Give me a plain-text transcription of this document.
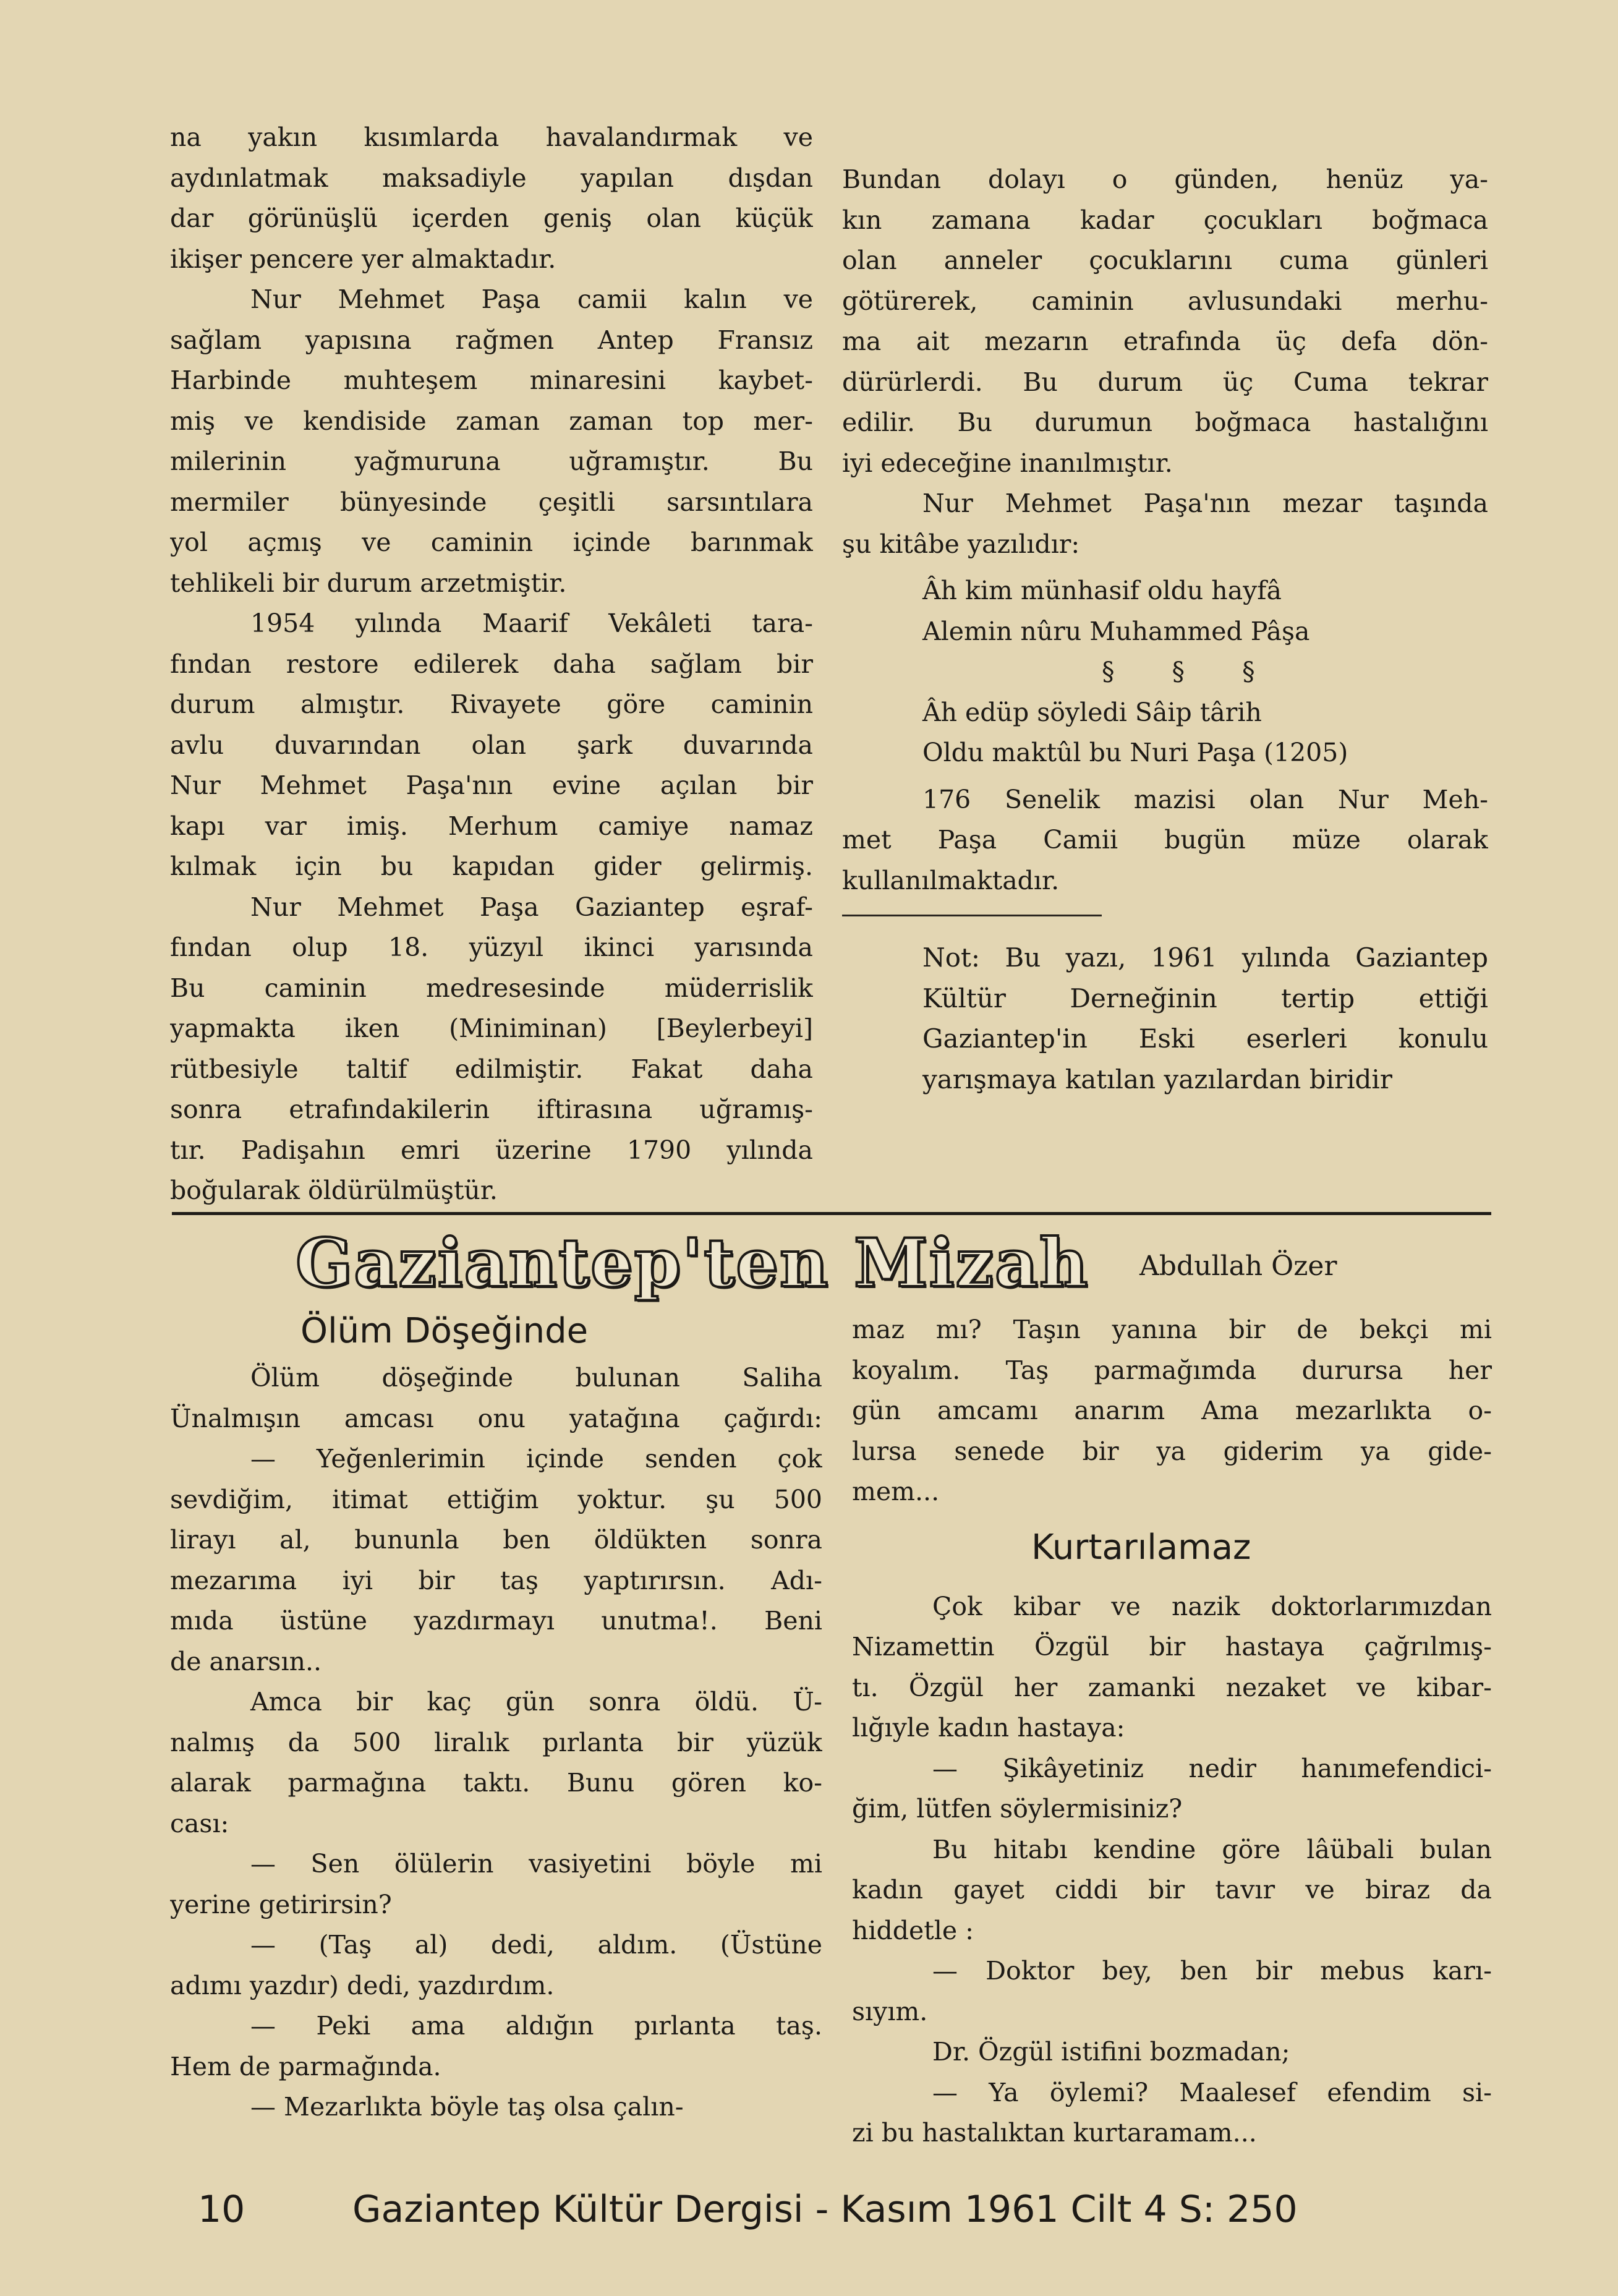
na yakın kısımlarda havalandırmak ve

aydınlatmak maksadiyle yapılan dışdan

dar görünüşlü içerden geniş olan küçük

ikişer pencere yer almaktadır.

Nur Mehmet Paşa camii kalın ve

sağlam yapısına rağmen Antep Fransız

Harbinde muhteşem minaresini kaybet-

miş ve kendiside zaman zaman top mer-

milerinin yağmuruna uğramıştır. Bu

mermiler bünyesinde çeşitli sarsıntılara

yol açmış ve caminin içinde barınmak

tehlikeli bir durum arzetmiştir.

1954 yılında Maarif Vekâleti tara-

fından restore edilerek daha sağlam bir

durum almıştır. Rivayete göre caminin

avlu duvarından olan şark duvarında

Nur Mehmet Paşa'nın evine açılan bir

kapı var imiş. Merhum camiye namaz

kılmak için bu kapıdan gider gelirmiş.

Nur Mehmet Paşa Gaziantep eşraf-

fından olup 18. yüzyıl ikinci yarısında

Bu caminin medresesinde müderrislik

yapmakta iken (Miniminan) [Beylerbeyi]

rütbesiyle taltif edilmiştir. Fakat daha

sonra etrafındakilerin iftirasına uğramış-

tır. Padişahın emri üzerine 1790 yılında

boğularak öldürülmüştür.

Bundan dolayı o günden, henüz ya-

kın zamana kadar çocukları boğmaca

olan anneler çocuklarını cuma günleri

götürerek, caminin avlusundaki merhu-

ma ait mezarın etrafında üç defa dön-

dürürlerdi. Bu durum üç Cuma tekrar

edilir. Bu durumun boğmaca hastalığını

iyi edeceğine inanılmıştır.

Nur Mehmet Paşa'nın mezar taşında

şu kitâbe yazılıdır:

Âh kim münhasif oldu hayfâ

Alemin nûru Muhammed Pâşa

§ § §

Âh edüp söyledi Sâip târih

Oldu maktûl bu Nuri Paşa (1205)

176 Senelik mazisi olan Nur Meh-

met Paşa Camii bugün müze olarak

kullanılmaktadır.

Not: Bu yazı, 1961 yılında Gaziantep

Kültür Derneğinin tertip ettiği

Gaziantep'in Eski eserleri konulu

yarışmaya katılan yazılardan biridir

Gaziantep'ten Mizah Abdullah Özer
Ölüm Döşeğinde

Ölüm döşeğinde bulunan Saliha

Ünalmışın amcası onu yatağına çağırdı:

— Yeğenlerimin içinde senden çok

sevdiğim, itimat ettiğim yoktur. şu 500

lirayı al, bununla ben öldükten sonra

mezarıma iyi bir taş yaptırırsın. Adı-

mıda üstüne yazdırmayı unutma!. Beni

de anarsın..

Amca bir kaç gün sonra öldü. Ü-

nalmış da 500 liralık pırlanta bir yüzük

alarak parmağına taktı. Bunu gören ko-

cası:

— Sen ölülerin vasiyetini böyle mi

yerine getirirsin?

— (Taş al) dedi, aldım. (Üstüne

adımı yazdır) dedi, yazdırdım.

— Peki ama aldığın pırlanta taş.

Hem de parmağında.

— Mezarlıkta böyle taş olsa çalın-

maz mı? Taşın yanına bir de bekçi mi

koyalım. Taş parmağımda durursa her

gün amcamı anarım Ama mezarlıkta o-

lursa senede bir ya giderim ya gide-

mem...

Çok kibar ve nazik doktorlarımızdan

Nizamettin Özgül bir hastaya çağrılmış-

tı. Özgül her zamanki nezaket ve kibar-

lığıyle kadın hastaya:

— Şikâyetiniz nedir hanımefendici-

ğim, lütfen söylermisiniz?

Bu hitabı kendine göre lâübali bulan

kadın gayet ciddi bir tavır ve biraz da

hiddetle :

— Doktor bey, ben bir mebus karı-

sıyım.

Dr. Özgül istifini bozmadan;

— Ya öylemi? Maalesef efendim si-

zi bu hastalıktan kurtaramam...

Kurtarılamaz
10	Gaziantep Kültür Dergisi - Kasım 1961 Cilt 4 S: 250
